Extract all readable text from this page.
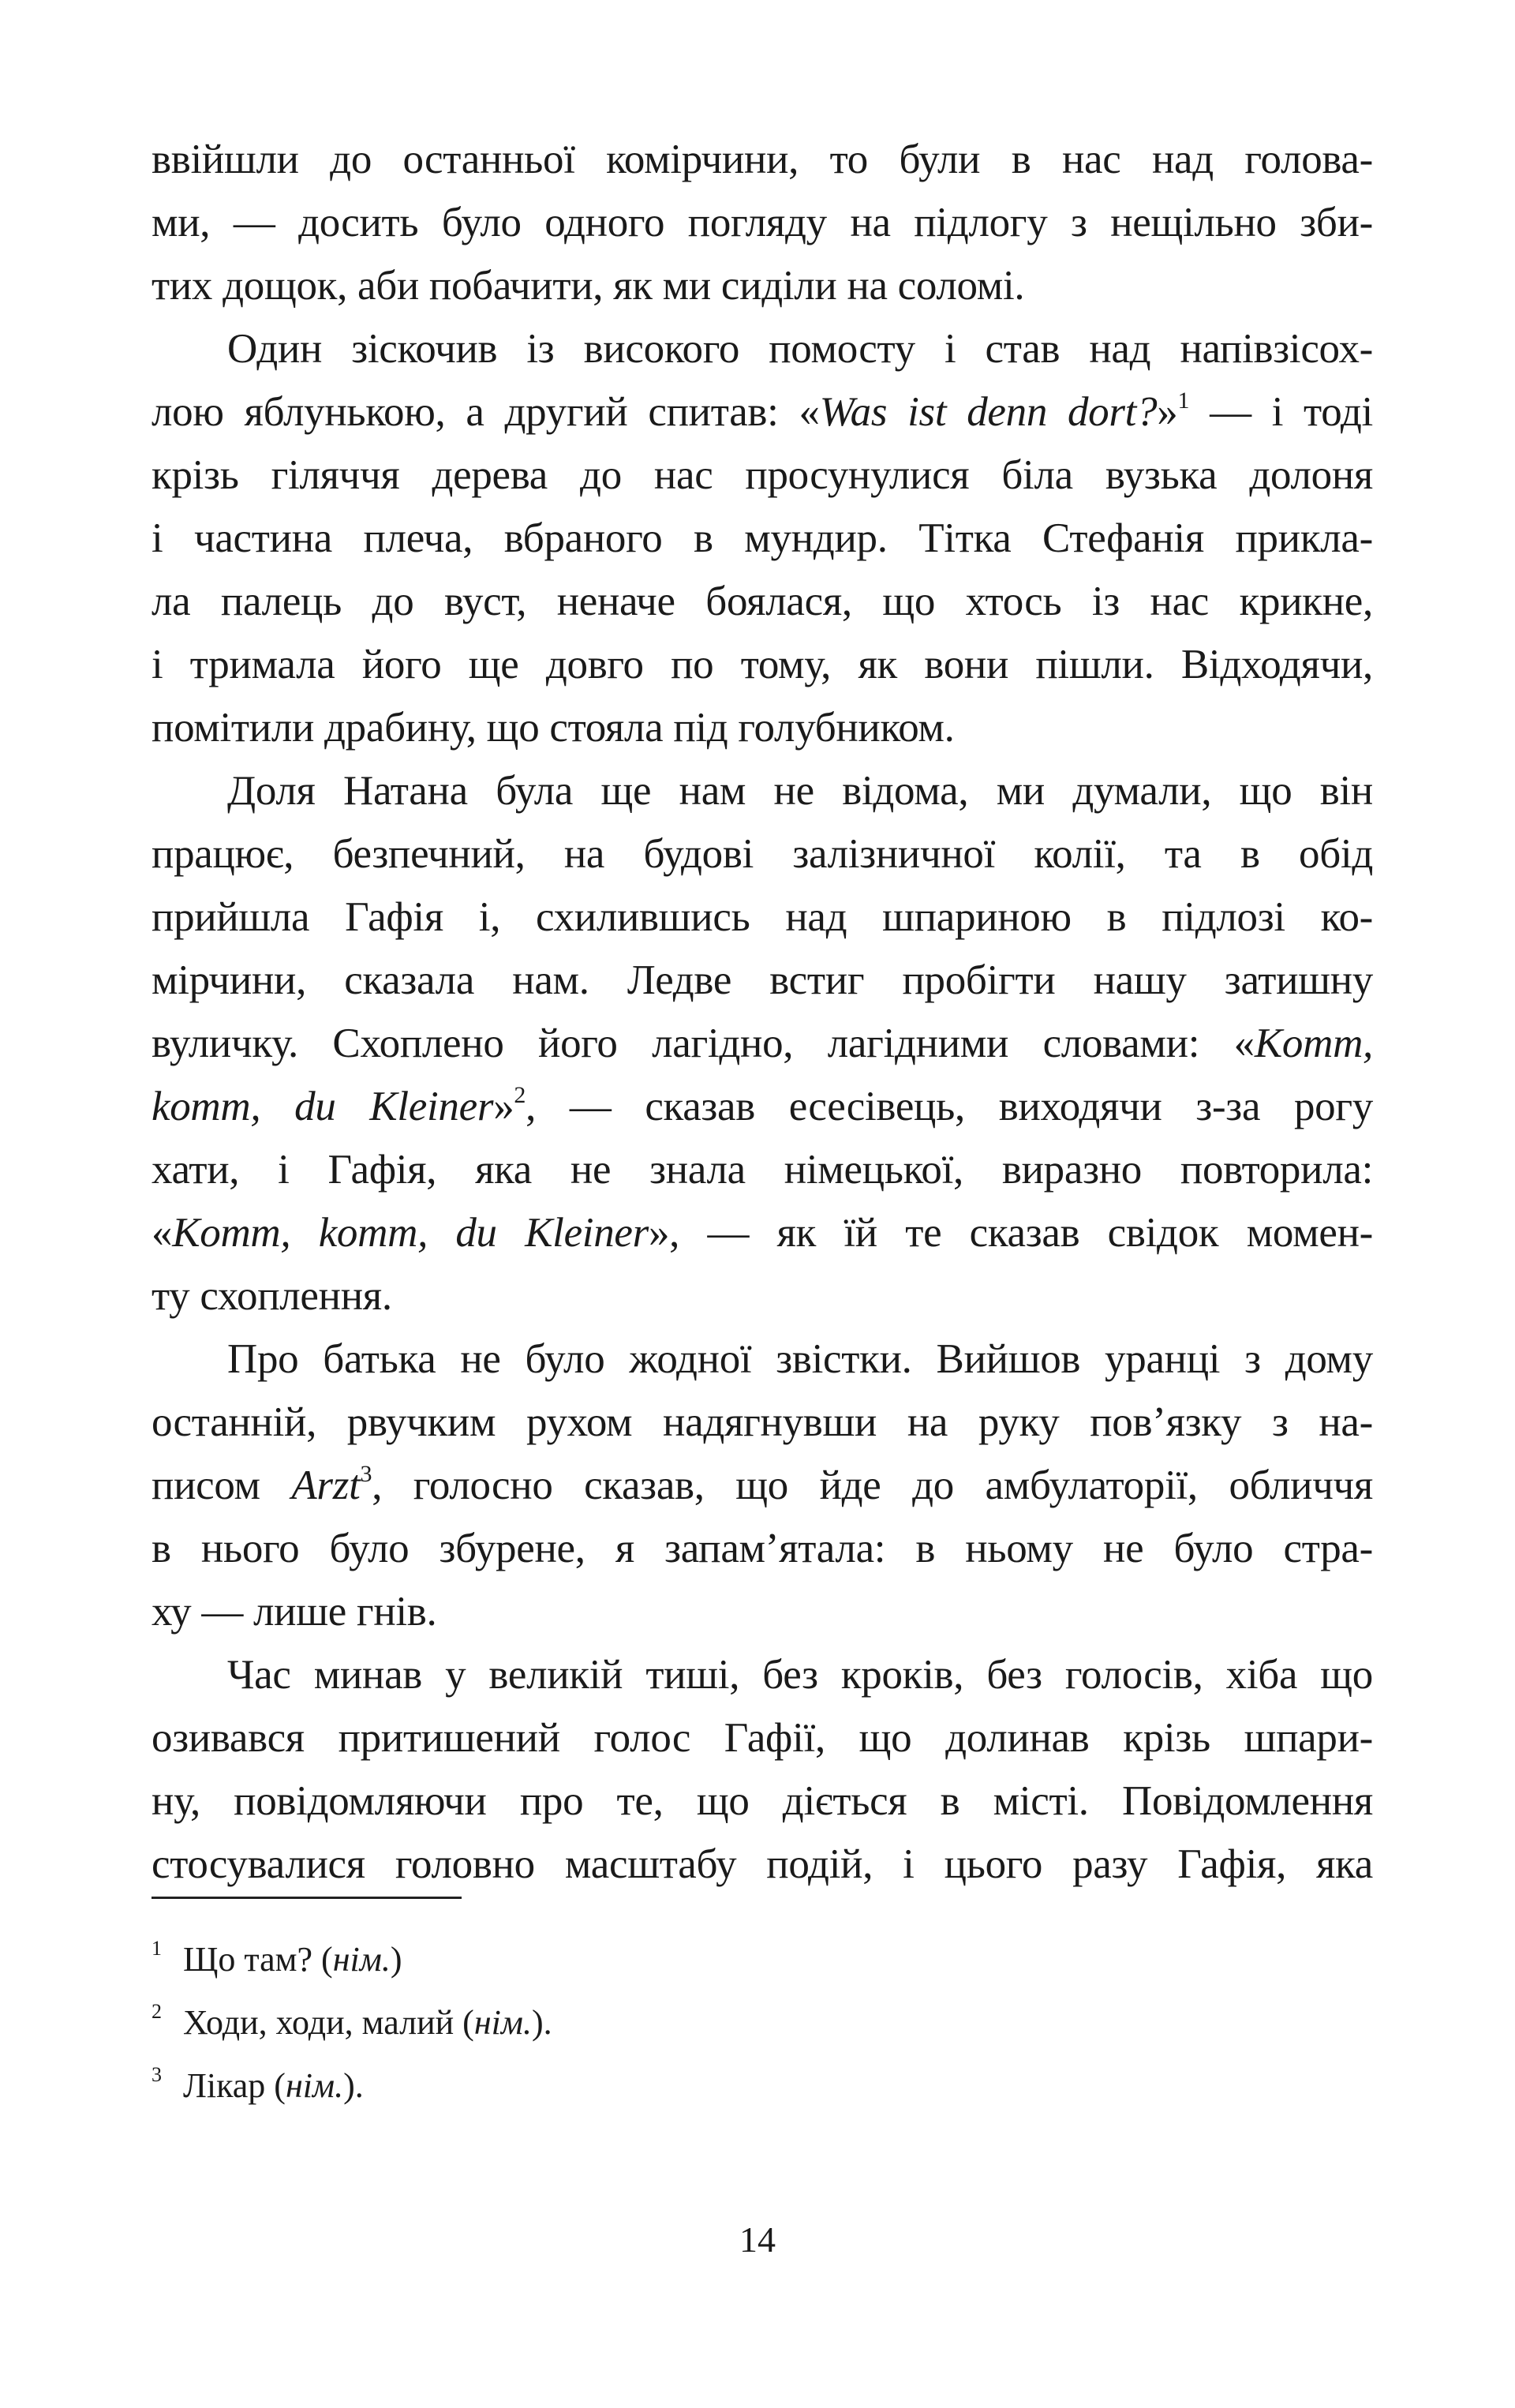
ввійшли до останньої комірчини, то були в нас над голова-
ми, — досить було одного погляду на підлогу з нещільно зби-
тих дощок, аби побачити, як ми сиділи на соломі.
Один зіскочив із високого помосту і став над напівзісох-
лою яблунькою, а другий спитав: «Was ist denn dort?»$^1$ — і тоді
крізь гіляччя дерева до нас просунулися біла вузька долоня
і частина плеча, вбраного в мундир. Тітка Стефанія прикла-
ла палець до вуст, неначе боялася, що хтось із нас крикне,
і тримала його ще довго по тому, як вони пішли. Відходячи,
помітили драбину, що стояла під голубником.
Доля Натана була ще нам не відома, ми думали, що він
працює, безпечний, на будові залізничної колії, та в обід
прийшла Гафія і, схилившись над шпариною в підлозі ко-
мірчини, сказала нам. Ледве встиг пробігти нашу затишну
вуличку. Схоплено його лагідно, лагідними словами: «Komm,
komm, du Kleiner»$^2$, — сказав есесівець, виходячи з-за рогу
хати, і Гафія, яка не знала німецької, виразно повторила:
«Komm, komm, du Kleiner», — як їй те сказав свідок момен-
ту схоплення.
Про батька не було жодної звістки. Вийшов уранці з дому
останній, рвучким рухом надягнувши на руку пов’язку з на-
писом Arzt$^3$, голосно сказав, що йде до амбулаторії, обличчя
в нього було збурене, я запам’ятала: в ньому не було стра-
ху — лише гнів.
Час минав у великій тиші, без кроків, без голосів, хіба що
озивався притишений голос Гафії, що долинав крізь шпари-
ну, повідомляючи про те, що діється в місті. Повідомлення
стосувалися головно масштабу подій, і цього разу Гафія, яка
1 Що там? (нім.)
2 Ходи, ходи, малий (нім.).
3 Лікар (нім.).
14
